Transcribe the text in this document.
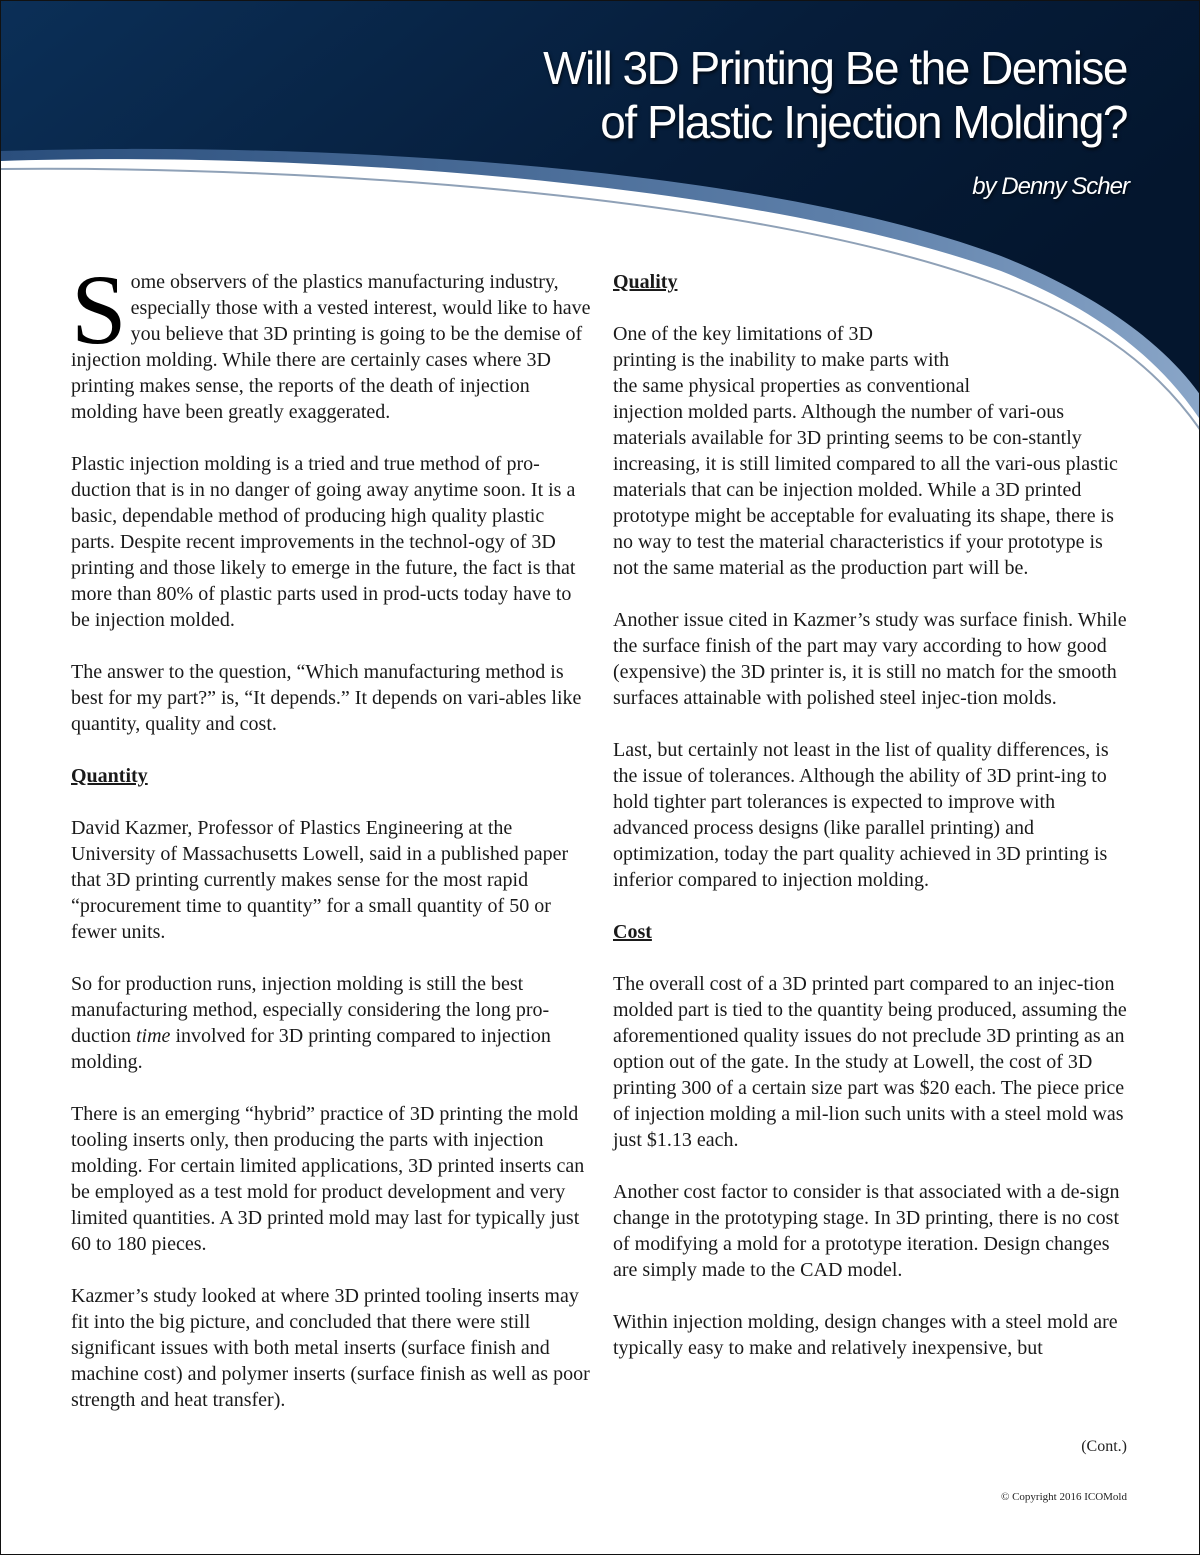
Will 3D Printing Be the Demise
of Plastic Injection Molding?

by Denny Scher

Some observers of the plastics manufacturing industry, especially those with a vested interest, would like to have you believe that 3D printing is going to be the demise of injection molding. While there are certainly cases where 3D printing makes sense, the reports of the death of injection molding have been greatly exaggerated.

Plastic injection molding is a tried and true method of pro-duction that is in no danger of going away anytime soon. It is a basic, dependable method of producing high quality plastic parts. Despite recent improvements in the technol-ogy of 3D printing and those likely to emerge in the future, the fact is that more than 80% of plastic parts used in prod-ucts today have to be injection molded.

The answer to the question, “Which manufacturing method is best for my part?” is, “It depends.” It depends on vari-ables like quantity, quality and cost.

Quantity

David Kazmer, Professor of Plastics Engineering at the University of Massachusetts Lowell, said in a published paper that 3D printing currently makes sense for the most rapid “procurement time to quantity” for a small quantity of 50 or fewer units.

So for production runs, injection molding is still the best manufacturing method, especially considering the long pro-duction time involved for 3D printing compared to injection molding.

There is an emerging “hybrid” practice of 3D printing the mold tooling inserts only, then producing the parts with injection molding. For certain limited applications, 3D printed inserts can be employed as a test mold for product development and very limited quantities. A 3D printed mold may last for typically just 60 to 180 pieces.

Kazmer’s study looked at where 3D printed tooling inserts may fit into the big picture, and concluded that there were still significant issues with both metal inserts (surface finish and machine cost) and polymer inserts (surface finish as well as poor strength and heat transfer).

Quality

One of the key limitations of 3D
printing is the inability to make parts with
the same physical properties as conventional
injection molded parts. Although the number of vari-ous materials available for 3D printing seems to be con-stantly increasing, it is still limited compared to all the vari-ous plastic materials that can be injection molded. While a 3D printed prototype might be acceptable for evaluating its shape, there is no way to test the material characteristics if your prototype is not the same material as the production part will be.

Another issue cited in Kazmer’s study was surface finish. While the surface finish of the part may vary according to how good (expensive) the 3D printer is, it is still no match for the smooth surfaces attainable with polished steel injec-tion molds.

Last, but certainly not least in the list of quality differences, is the issue of tolerances. Although the ability of 3D print-ing to hold tighter part tolerances is expected to improve with advanced process designs (like parallel printing) and optimization, today the part quality achieved in 3D printing is inferior compared to injection molding.

Cost

The overall cost of a 3D printed part compared to an injec-tion molded part is tied to the quantity being produced, assuming the aforementioned quality issues do not preclude 3D printing as an option out of the gate. In the study at Lowell, the cost of 3D printing 300 of a certain size part was $20 each. The piece price of injection molding a mil-lion such units with a steel mold was just $1.13 each.

Another cost factor to consider is that associated with a de-sign change in the prototyping stage. In 3D printing, there is no cost of modifying a mold for a prototype iteration. Design changes are simply made to the CAD model.

Within injection molding, design changes with a steel mold are typically easy to make and relatively inexpensive, but

(Cont.)

© Copyright 2016 ICOMold
